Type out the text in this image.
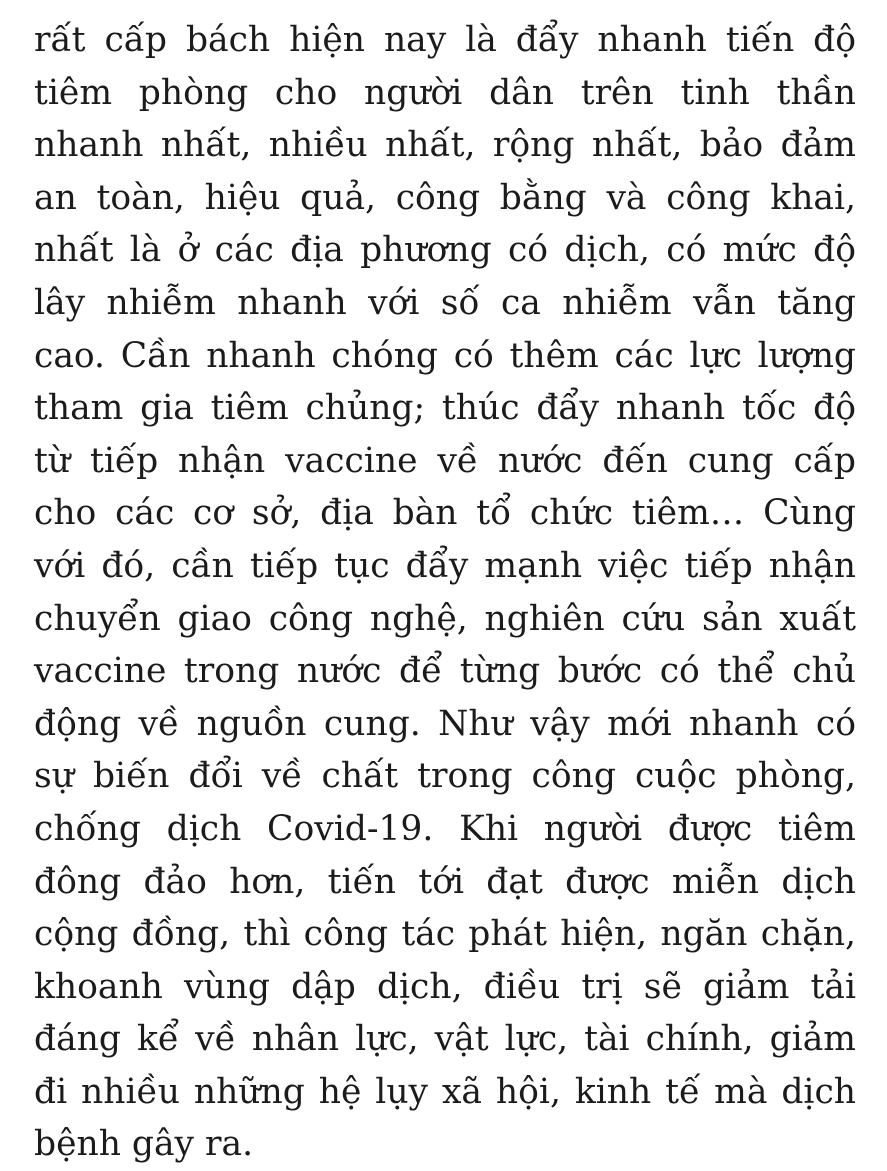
rất cấp bách hiện nay là đẩy nhanh tiến độ
tiêm phòng cho người dân trên tinh thần
nhanh nhất, nhiều nhất, rộng nhất, bảo đảm
an toàn, hiệu quả, công bằng và công khai,
nhất là ở các địa phương có dịch, có mức độ
lây nhiễm nhanh với số ca nhiễm vẫn tăng
cao. Cần nhanh chóng có thêm các lực lượng
tham gia tiêm chủng; thúc đẩy nhanh tốc độ
từ tiếp nhận vaccine về nước đến cung cấp
cho các cơ sở, địa bàn tổ chức tiêm… Cùng
với đó, cần tiếp tục đẩy mạnh việc tiếp nhận
chuyển giao công nghệ, nghiên cứu sản xuất
vaccine trong nước để từng bước có thể chủ
động về nguồn cung. Như vậy mới nhanh có
sự biến đổi về chất trong công cuộc phòng,
chống dịch Covid-19. Khi người được tiêm
đông đảo hơn, tiến tới đạt được miễn dịch
cộng đồng, thì công tác phát hiện, ngăn chặn,
khoanh vùng dập dịch, điều trị sẽ giảm tải
đáng kể về nhân lực, vật lực, tài chính, giảm
đi nhiều những hệ lụy xã hội, kinh tế mà dịch
bệnh gây ra.
